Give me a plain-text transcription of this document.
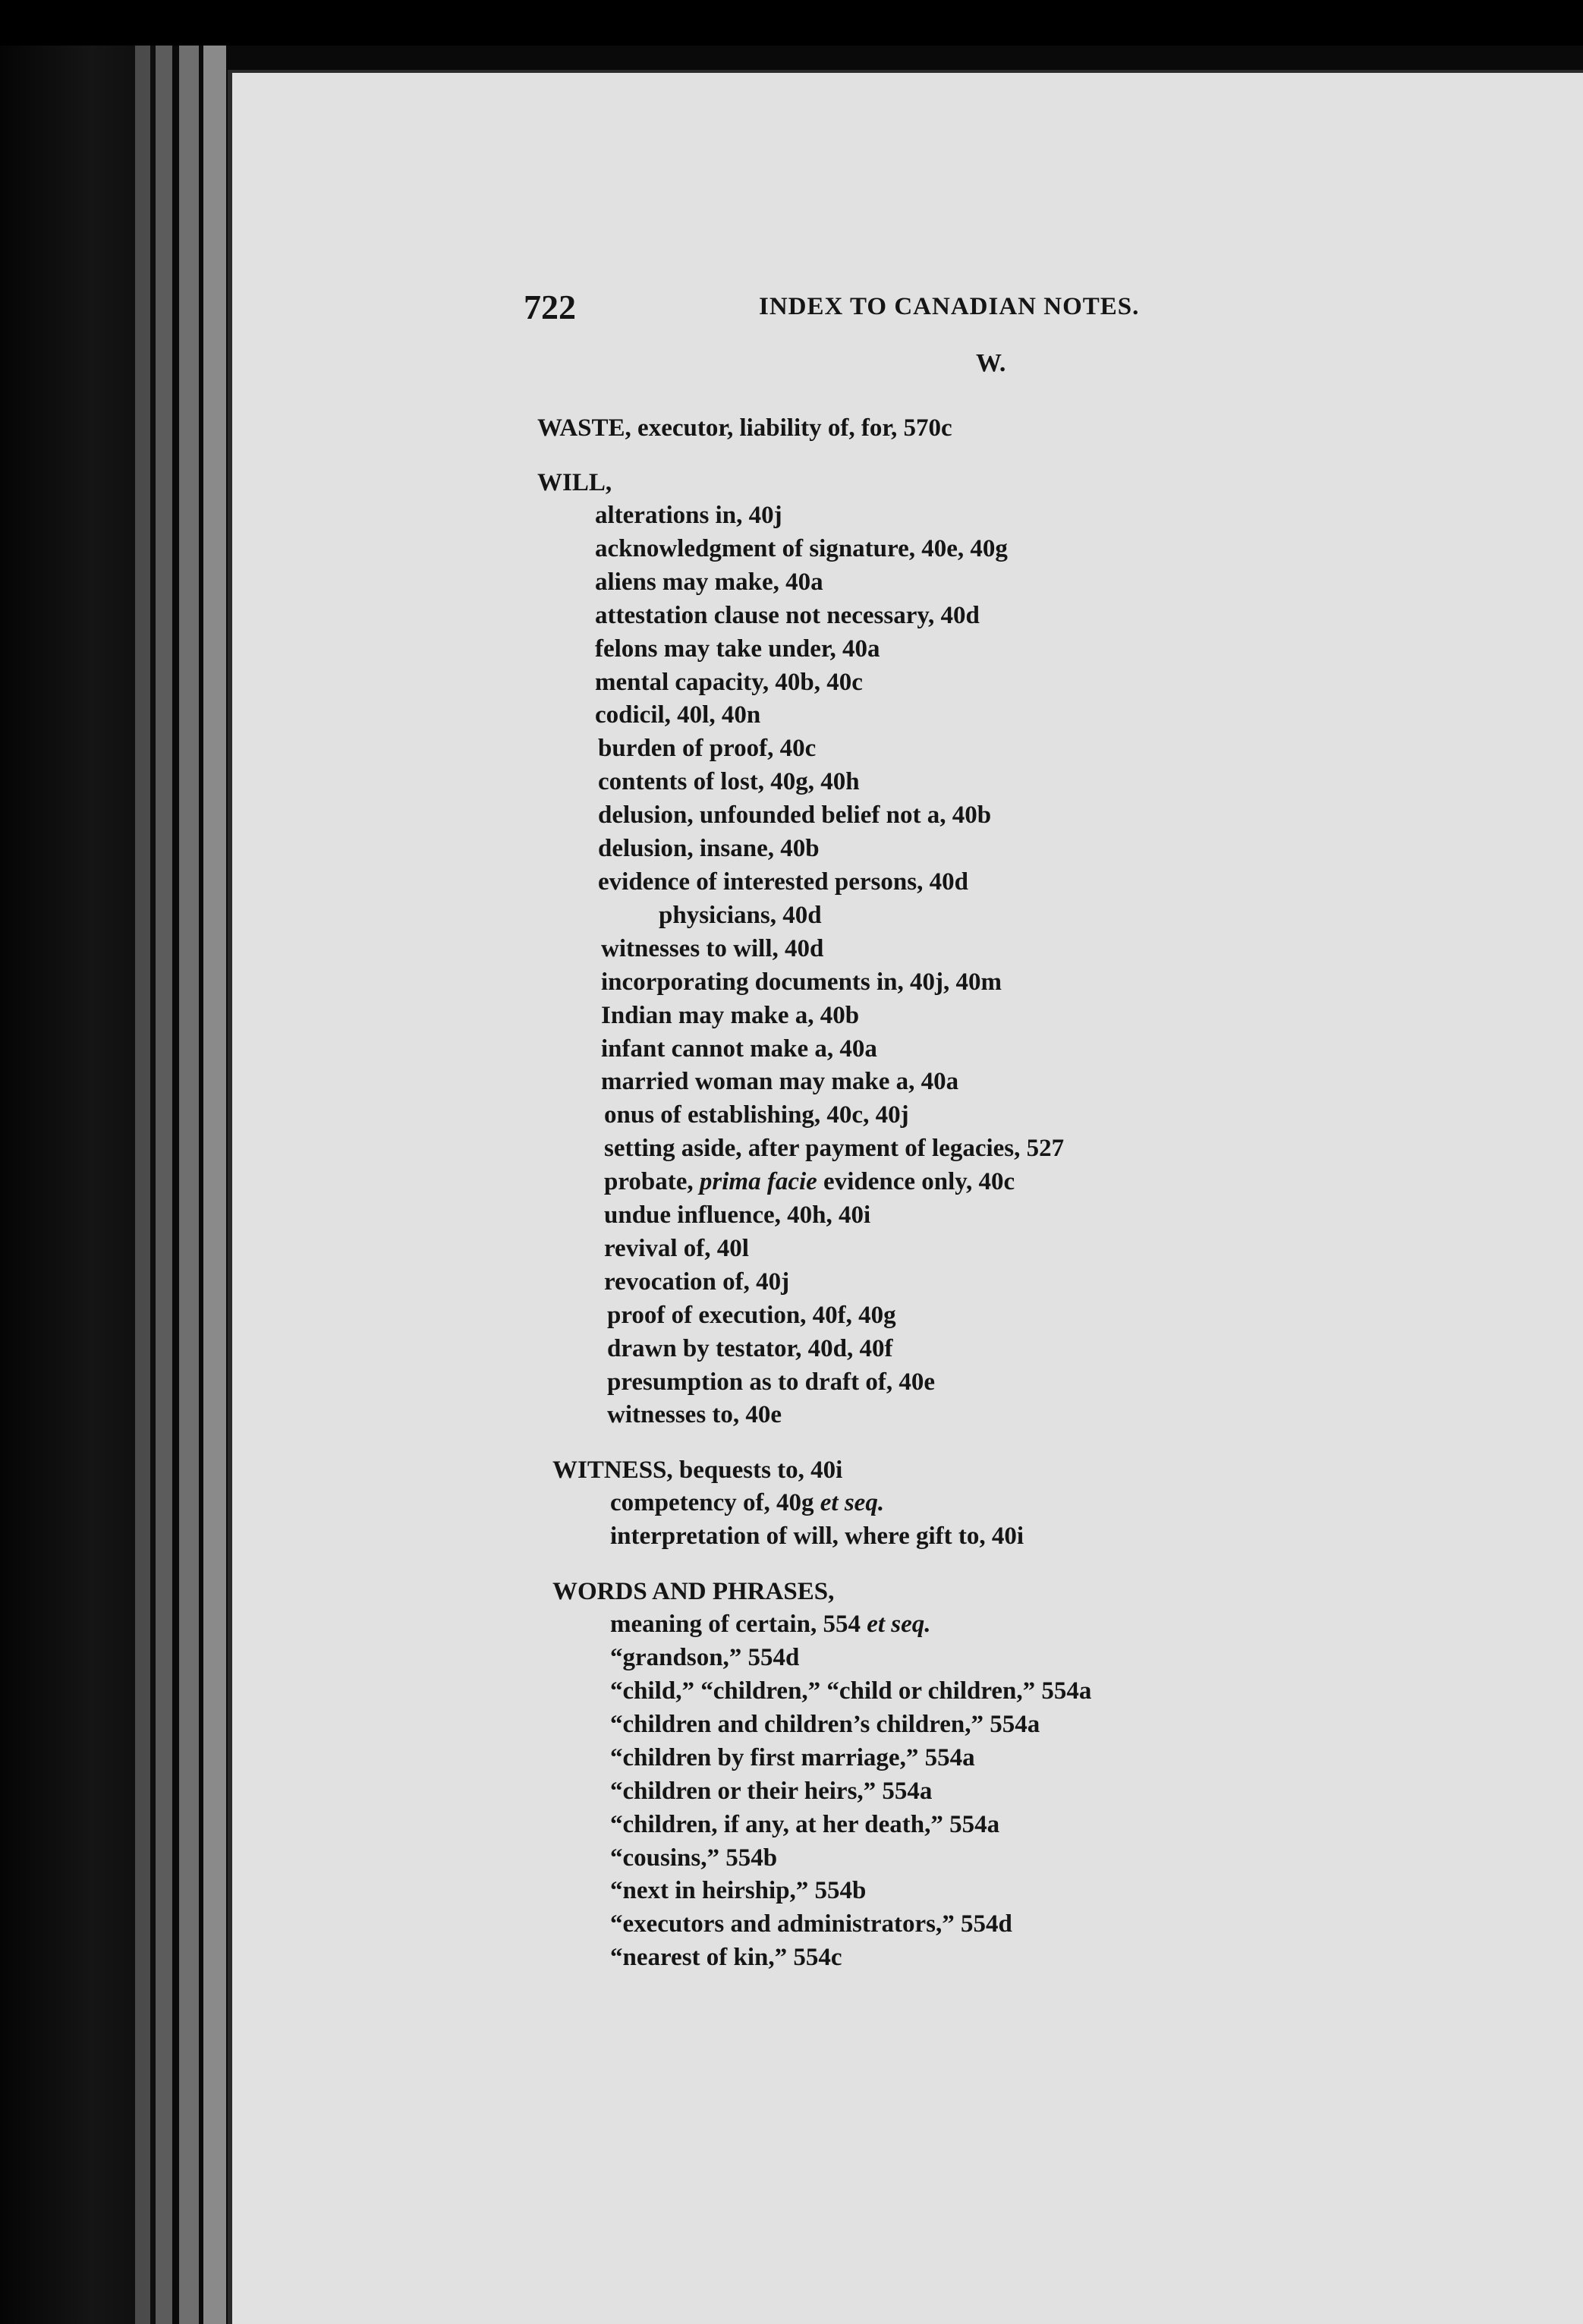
722	INDEX TO CANADIAN NOTES.
W.
WASTE, executor, liability of, for, 570c
WILL,
alterations in, 40j
acknowledgment of signature, 40e, 40g
aliens may make, 40a
attestation clause not necessary, 40d
felons may take under, 40a
mental capacity, 40b, 40c
codicil, 40l, 40n
burden of proof, 40c
contents of lost, 40g, 40h
delusion, unfounded belief not a, 40b
delusion, insane, 40b
evidence of interested persons, 40d
physicians, 40d
witnesses to will, 40d
incorporating documents in, 40j, 40m
Indian may make a, 40b
infant cannot make a, 40a
married woman may make a, 40a
onus of establishing, 40c, 40j
setting aside, after payment of legacies, 527
probate, prima facie evidence only, 40c
undue influence, 40h, 40i
revival of, 40l
revocation of, 40j
proof of execution, 40f, 40g
drawn by testator, 40d, 40f
presumption as to draft of, 40e
witnesses to, 40e
WITNESS, bequests to, 40i
competency of, 40g et seq.
interpretation of will, where gift to, 40i
WORDS AND PHRASES,
meaning of certain, 554 et seq.
“grandson,” 554d
“child,” “children,” “child or children,” 554a
“children and children’s children,” 554a
“children by first marriage,” 554a
“children or their heirs,” 554a
“children, if any, at her death,” 554a
“cousins,” 554b
“next in heirship,” 554b
“executors and administrators,” 554d
“nearest of kin,” 554c
